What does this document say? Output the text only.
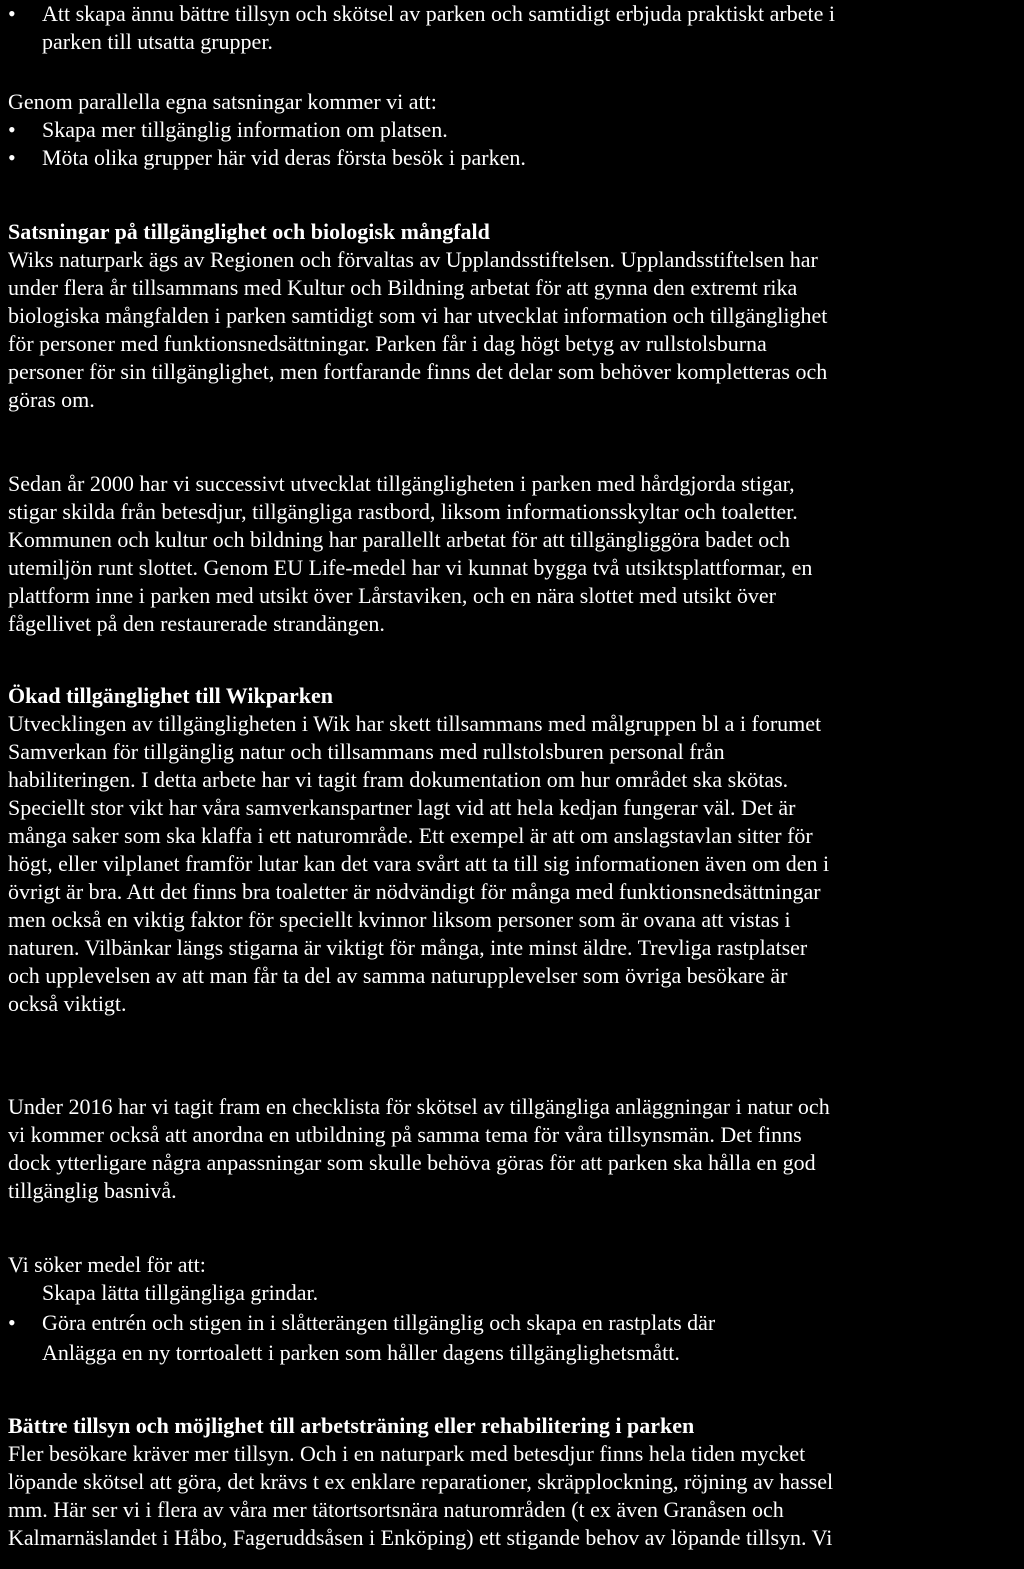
•	Att skapa ännu bättre tillsyn och skötsel av parken och samtidigt erbjuda praktiskt arbete i
parken till utsatta grupper.

Genom parallella egna satsningar kommer vi att:

•	Skapa mer tillgänglig information om platsen.
•	Möta olika grupper här vid deras första besök i parken.

Satsningar på tillgänglighet och biologisk mångfald

Wiks naturpark ägs av Regionen och förvaltas av Upplandsstiftelsen. Upplandsstiftelsen har
under flera år tillsammans med Kultur och Bildning arbetat för att gynna den extremt rika
biologiska mångfalden i parken samtidigt som vi har utvecklat information och tillgänglighet
för personer med funktionsnedsättningar. Parken får i dag högt betyg av rullstolsburna
personer för sin tillgänglighet, men fortfarande finns det delar som behöver kompletteras och
göras om.

Sedan år 2000 har vi successivt utvecklat tillgängligheten i parken med hårdgjorda stigar,
stigar skilda från betesdjur, tillgängliga rastbord, liksom informationsskyltar och toaletter.
Kommunen och kultur och bildning har parallellt arbetat för att tillgängliggöra badet och
utemiljön runt slottet. Genom EU Life-medel har vi kunnat bygga två utsiktsplattformar, en
plattform inne i parken med utsikt över Lårstaviken, och en nära slottet med utsikt över
fågellivet på den restaurerade strandängen.

Ökad tillgänglighet till Wikparken

Utvecklingen av tillgängligheten i Wik har skett tillsammans med målgruppen bl a i forumet
Samverkan för tillgänglig natur och tillsammans med rullstolsburen personal från
habiliteringen. I detta arbete har vi tagit fram dokumentation om hur området ska skötas.
Speciellt stor vikt har våra samverkanspartner lagt vid att hela kedjan fungerar väl. Det är
många saker som ska klaffa i ett naturområde. Ett exempel är att om anslagstavlan sitter för
högt, eller vilplanet framför lutar kan det vara svårt att ta till sig informationen även om den i
övrigt är bra. Att det finns bra toaletter är nödvändigt för många med funktionsnedsättningar
men också en viktig faktor för speciellt kvinnor liksom personer som är ovana att vistas i
naturen. Vilbänkar längs stigarna är viktigt för många, inte minst äldre. Trevliga rastplatser
och upplevelsen av att man får ta del av samma naturupplevelser som övriga besökare är
också viktigt.

Under 2016 har vi tagit fram en checklista för skötsel av tillgängliga anläggningar i natur och
vi kommer också att anordna en utbildning på samma tema för våra tillsynsmän. Det finns
dock ytterligare några anpassningar som skulle behöva göras för att parken ska hålla en god
tillgänglig basnivå.

Vi söker medel för att:

Skapa lätta tillgängliga grindar.
•	Göra entrén och stigen in i slåtterängen tillgänglig och skapa en rastplats där
Anlägga en ny torrtoalett i parken som håller dagens tillgänglighetsmått.

Bättre tillsyn och möjlighet till arbetsträning eller rehabilitering i parken

Fler besökare kräver mer tillsyn. Och i en naturpark med betesdjur finns hela tiden mycket
löpande skötsel att göra, det krävs t ex enklare reparationer, skräpplockning, röjning av hassel
mm. Här ser vi i flera av våra mer tätortsortsnära naturområden (t ex även Granåsen och
Kalmarnäslandet i Håbo, Fageruddsåsen i Enköping) ett stigande behov av löpande tillsyn. Vi
